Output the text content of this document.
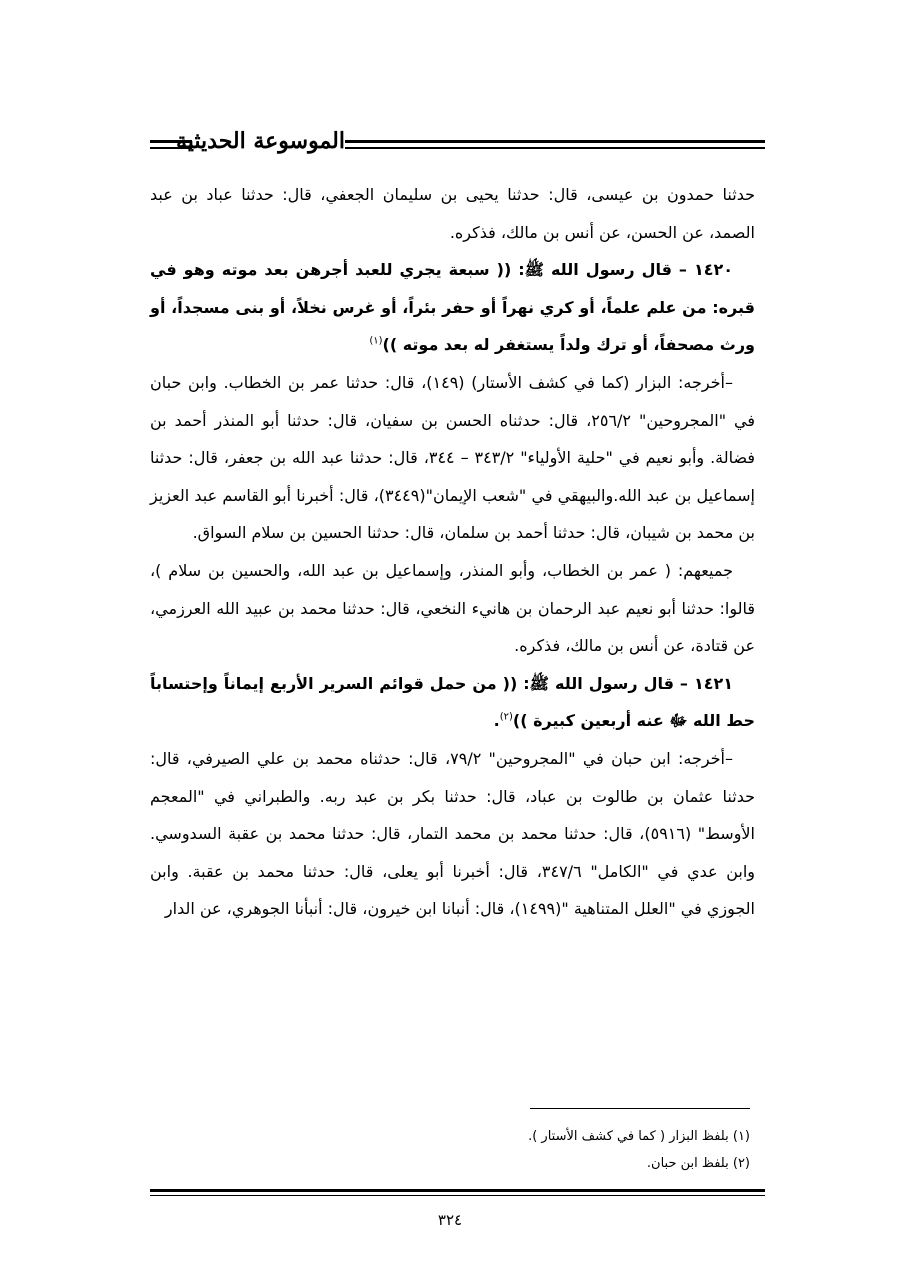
الموسوعة الحديثية

حدثنا حمدون بن عيسى، قال: حدثنا يحيى بن سليمان الجعفي، قال: حدثنا عباد بن عبد الصمد، عن الحسن، عن أنس بن مالك، فذكره.

١٤٢٠ – قال رسول الله ﷺ: (( سبعة يجري للعبد أجرهن بعد موته وهو في قبره: من علم علماً، أو كري نهراً أو حفر بئراً، أو غرس نخلاً، أو بنى مسجداً، أو ورث مصحفاً، أو ترك ولداً يستغفر له بعد موته ))$^{(١)}$

–أخرجه: البزار (كما في كشف الأستار) (١٤٩)، قال: حدثنا عمر بن الخطاب. وابن حبان في "المجروحين" ٢٥٦/٢، قال: حدثناه الحسن بن سفيان، قال: حدثنا أبو المنذر أحمد بن فضالة. وأبو نعيم في "حلية الأولياء" ٣٤٣/٢ – ٣٤٤، قال: حدثنا عبد الله بن جعفر، قال: حدثنا إسماعيل بن عبد الله.والبيهقي في "شعب الإيمان"(٣٤٤٩)، قال: أخبرنا أبو القاسم عبد العزيز بن محمد بن شيبان، قال: حدثنا أحمد بن سلمان، قال: حدثنا الحسين بن سلام السواق.

جميعهم: ( عمر بن الخطاب، وأبو المنذر، وإسماعيل بن عبد الله، والحسين بن سلام )، قالوا: حدثنا أبو نعيم عبد الرحمان بن هانيء النخعي، قال: حدثنا محمد بن عبيد الله العرزمي، عن قتادة، عن أنس بن مالك، فذكره.

١٤٢١ – قال رسول الله ﷺ: (( من حمل قوائم السرير الأربع إيماناً وإحتساباً حط الله ﷻ عنه أربعين كبيرة ))$^{(٢)}$.

–أخرجه: ابن حبان في "المجروحين" ٧٩/٢، قال: حدثناه محمد بن علي الصيرفي، قال: حدثنا عثمان بن طالوت بن عباد، قال: حدثنا بكر بن عبد ربه. والطبراني في "المعجم الأوسط" (٥٩١٦)، قال: حدثنا محمد بن محمد التمار، قال: حدثنا محمد بن عقبة السدوسي. وابن عدي في "الكامل" ٣٤٧/٦، قال: أخبرنا أبو يعلى، قال: حدثنا محمد بن عقبة. وابن الجوزي في "العلل المتناهية "(١٤٩٩)، قال: أنبانا ابن خيرون، قال: أنبأنا الجوهري، عن الدار

(١) بلفظ البزار ( كما في كشف الأستار ).
(٢) بلفظ ابن حبان.
٣٢٤
